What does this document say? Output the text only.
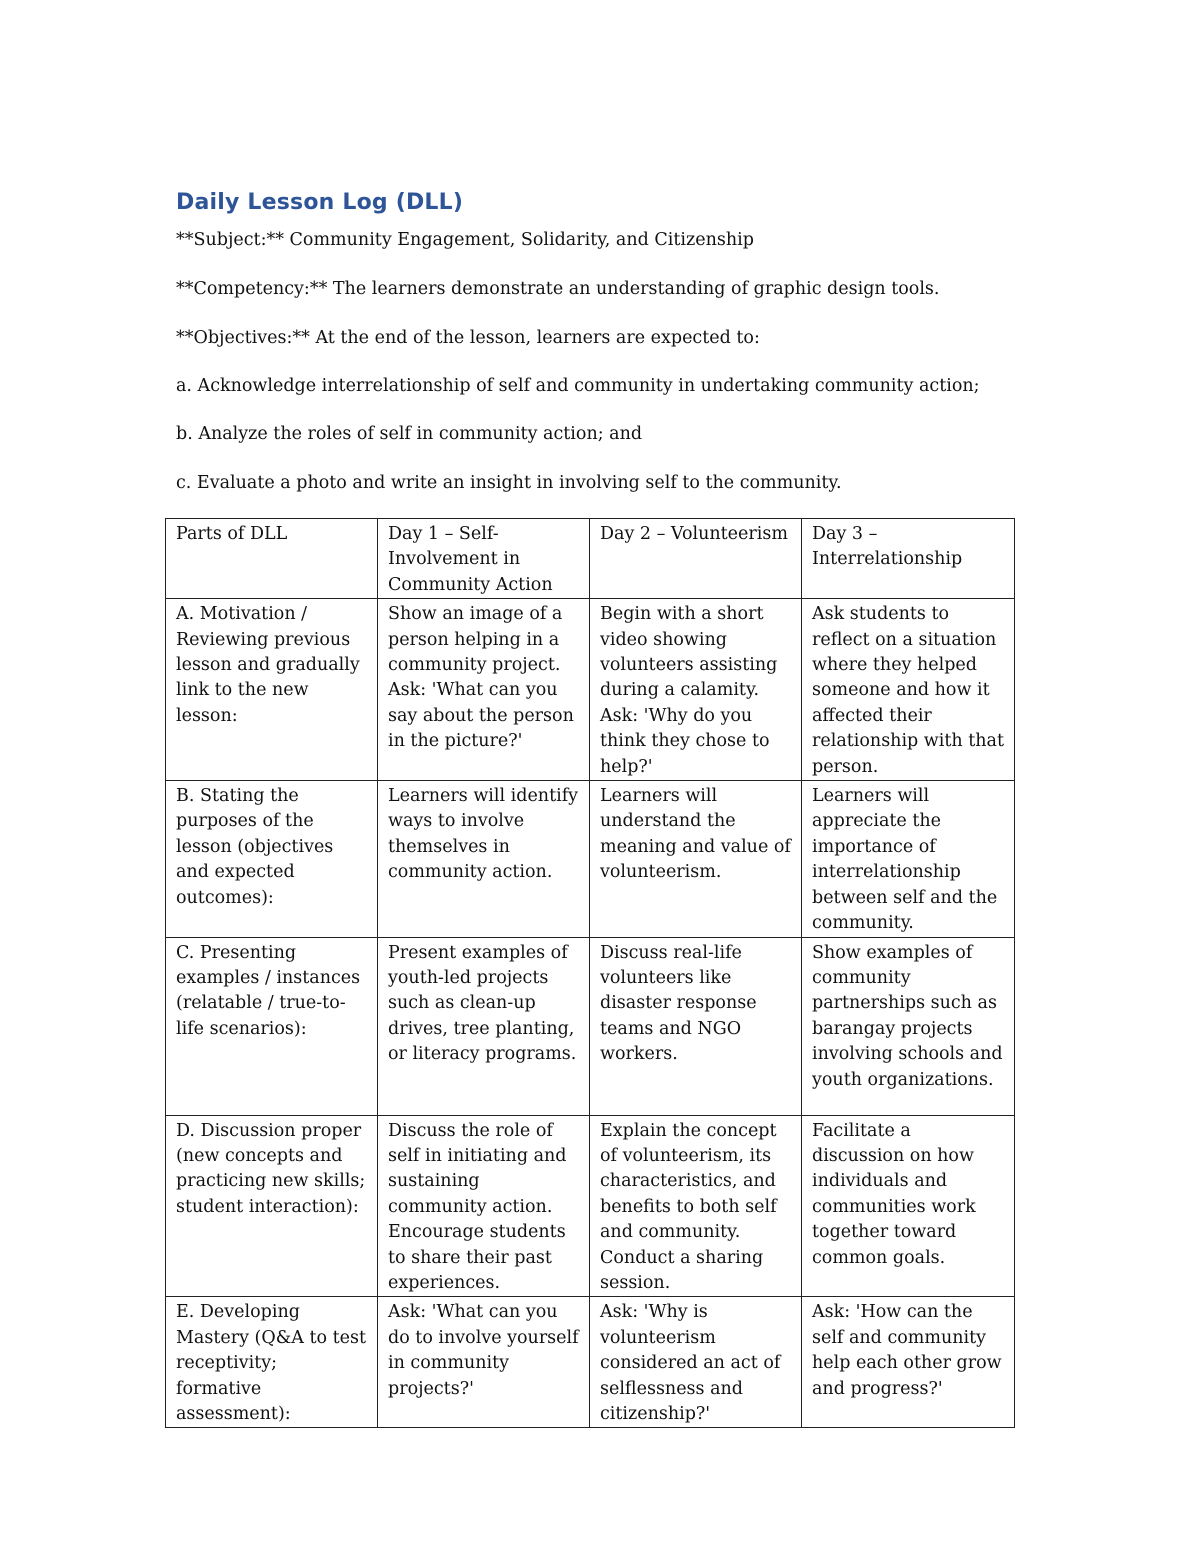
Daily Lesson Log (DLL)
**Subject:** Community Engagement, Solidarity, and Citizenship
**Competency:** The learners demonstrate an understanding of graphic design tools.
**Objectives:** At the end of the lesson, learners are expected to:
a. Acknowledge interrelationship of self and community in undertaking community action;
b. Analyze the roles of self in community action; and
c. Evaluate a photo and write an insight in involving self to the community.
Parts of DLL	Day 1 – Self-Involvement in Community Action	Day 2 – Volunteerism	Day 3 – Interrelationship
A. Motivation / Reviewing previous lesson and gradually link to the new lesson:	Show an image of a person helping in a community project. Ask: 'What can you say about the person in the picture?'	Begin with a short video showing volunteers assisting during a calamity. Ask: 'Why do you think they chose to help?'	Ask students to reflect on a situation where they helped someone and how it affected their relationship with that person.
B. Stating the purposes of the lesson (objectives and expected outcomes):	Learners will identify ways to involve themselves in community action.	Learners will understand the meaning and value of volunteerism.	Learners will appreciate the importance of interrelationship between self and the community.
C. Presenting examples / instances (relatable / true-to-life scenarios):	Present examples of youth-led projects such as clean-up drives, tree planting, or literacy programs.	Discuss real-life volunteers like disaster response teams and NGO workers.	Show examples of community partnerships such as barangay projects involving schools and youth organizations.
D. Discussion proper (new concepts and practicing new skills; student interaction):	Discuss the role of self in initiating and sustaining community action. Encourage students to share their past experiences.	Explain the concept of volunteerism, its characteristics, and benefits to both self and community. Conduct a sharing session.	Facilitate a discussion on how individuals and communities work together toward common goals.
E. Developing Mastery (Q&A to test receptivity; formative assessment):	Ask: 'What can you do to involve yourself in community projects?'	Ask: 'Why is volunteerism considered an act of selflessness and citizenship?'	Ask: 'How can the self and community help each other grow and progress?'
